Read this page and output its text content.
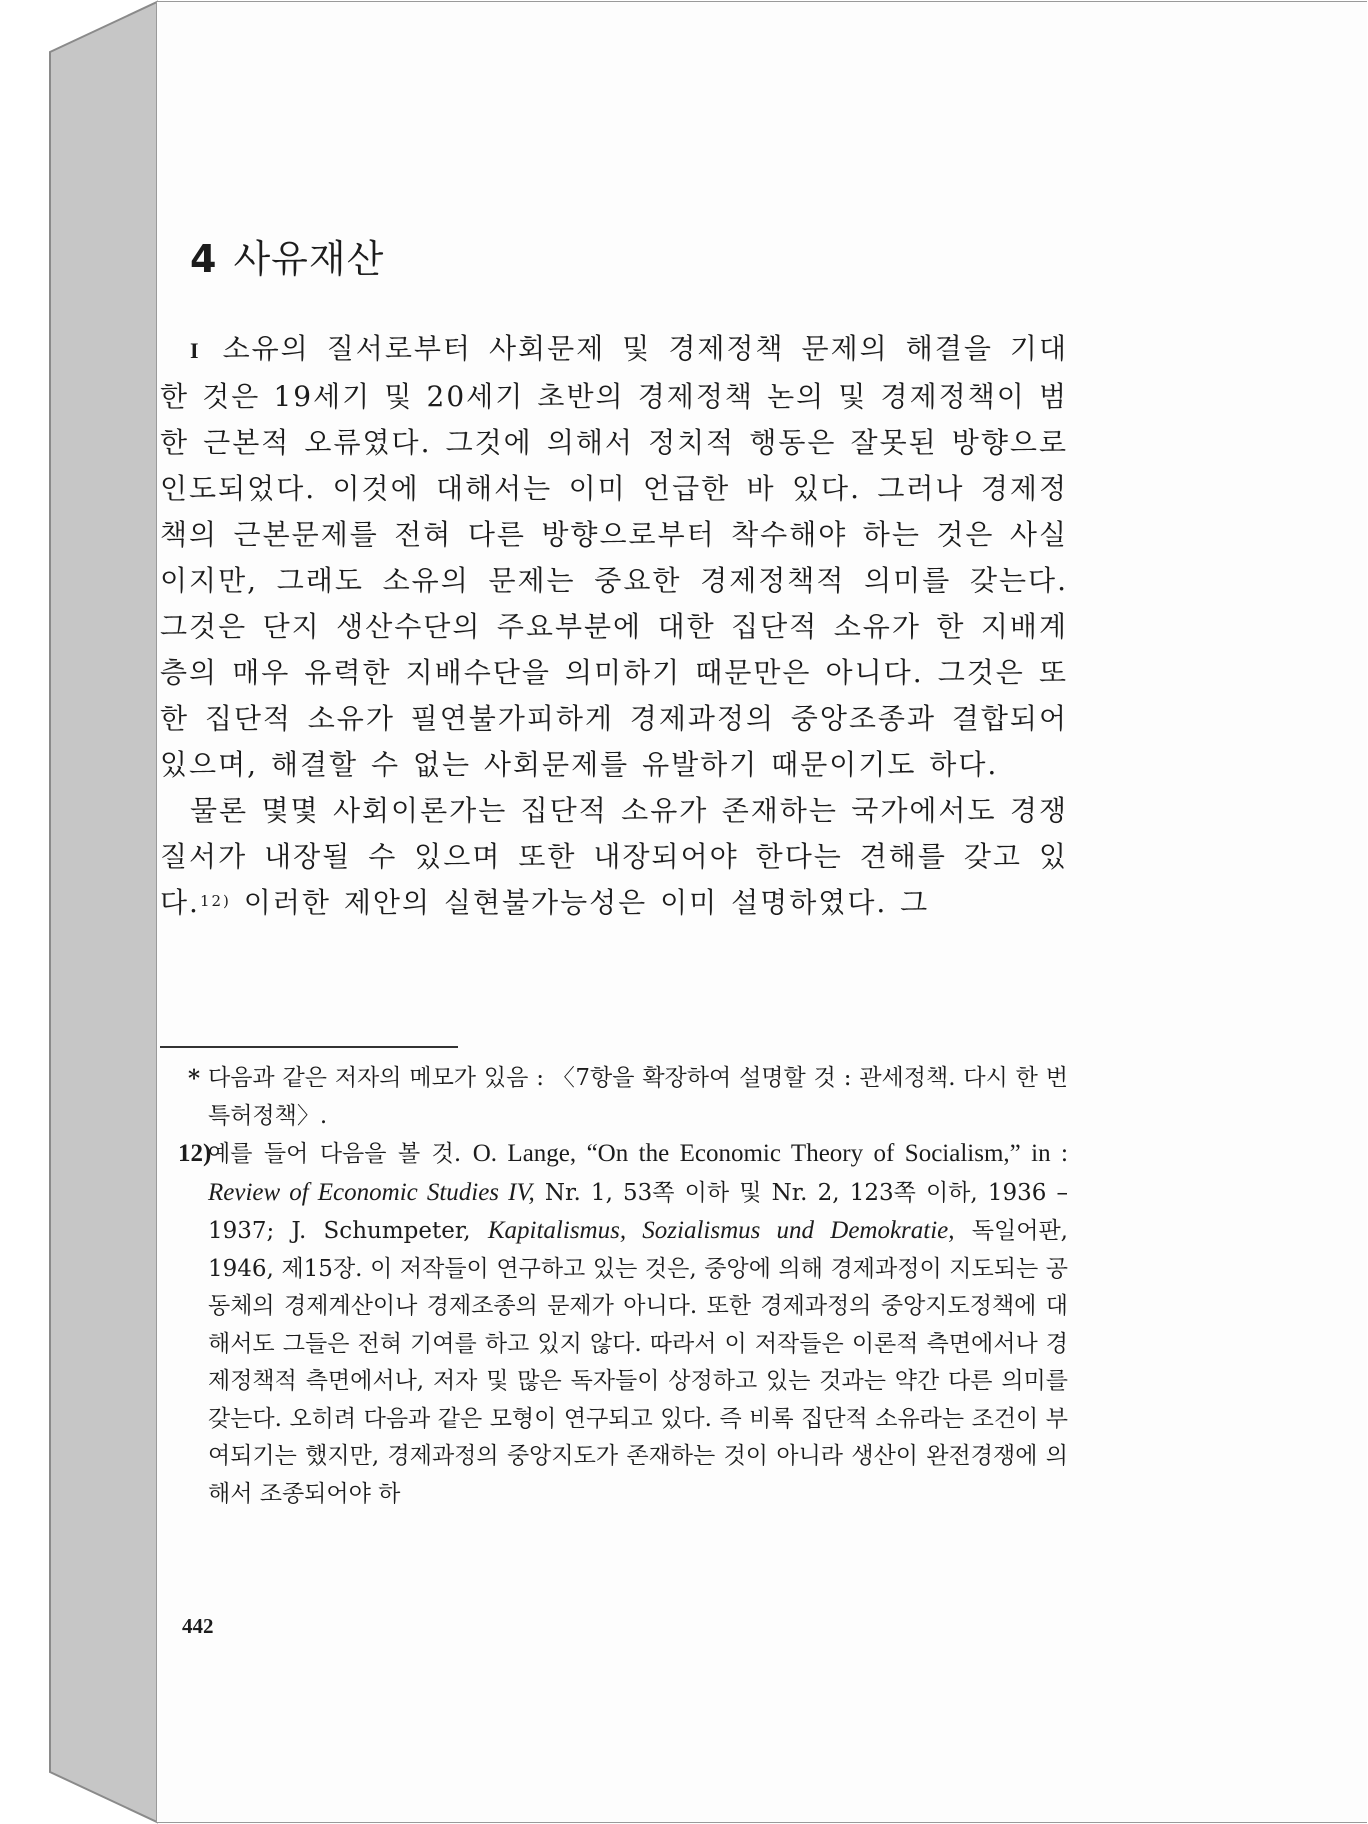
4 사유재산

I 소유의 질서로부터 사회문제 및 경제정책 문제의 해결을 기대한 것은 19세기 및 20세기 초반의 경제정책 논의 및 경제정책이 범한 근본적 오류였다. 그것에 의해서 정치적 행동은 잘못된 방향으로 인도되었다. 이것에 대해서는 이미 언급한 바 있다. 그러나 경제정책의 근본문제를 전혀 다른 방향으로부터 착수해야 하는 것은 사실이지만, 그래도 소유의 문제는 중요한 경제정책적 의미를 갖는다. 그것은 단지 생산수단의 주요부분에 대한 집단적 소유가 한 지배계층의 매우 유력한 지배수단을 의미하기 때문만은 아니다. 그것은 또한 집단적 소유가 필연불가피하게 경제과정의 중앙조종과 결합되어 있으며, 해결할 수 없는 사회문제를 유발하기 때문이기도 하다.

물론 몇몇 사회이론가는 집단적 소유가 존재하는 국가에서도 경쟁질서가 내장될 수 있으며 또한 내장되어야 한다는 견해를 갖고 있다.$^{12)}$ 이러한 제안의 실현불가능성은 이미 설명하였다. 그

* 다음과 같은 저자의 메모가 있음 : 〈7항을 확장하여 설명할 것 : 관세정책. 다시 한 번 특허정책〉.

12)
예를 들어 다음을 볼 것. O. Lange, “On the Economic Theory of Socialism,” in : Review of Economic Studies IV, Nr. 1, 53쪽 이하 및 Nr. 2, 123쪽 이하, 1936 – 1937; J. Schumpeter, Kapitalismus, Sozialismus und Demokratie, 독일어판, 1946, 제15장. 이 저작들이 연구하고 있는 것은, 중앙에 의해 경제과정이 지도되는 공동체의 경제계산이나 경제조종의 문제가 아니다. 또한 경제과정의 중앙지도정책에 대해서도 그들은 전혀 기여를 하고 있지 않다. 따라서 이 저작들은 이론적 측면에서나 경제정책적 측면에서나, 저자 및 많은 독자들이 상정하고 있는 것과는 약간 다른 의미를 갖는다. 오히려 다음과 같은 모형이 연구되고 있다. 즉 비록 집단적 소유라는 조건이 부여되기는 했지만, 경제과정의 중앙지도가 존재하는 것이 아니라 생산이 완전경쟁에 의해서 조종되어야 하

442
